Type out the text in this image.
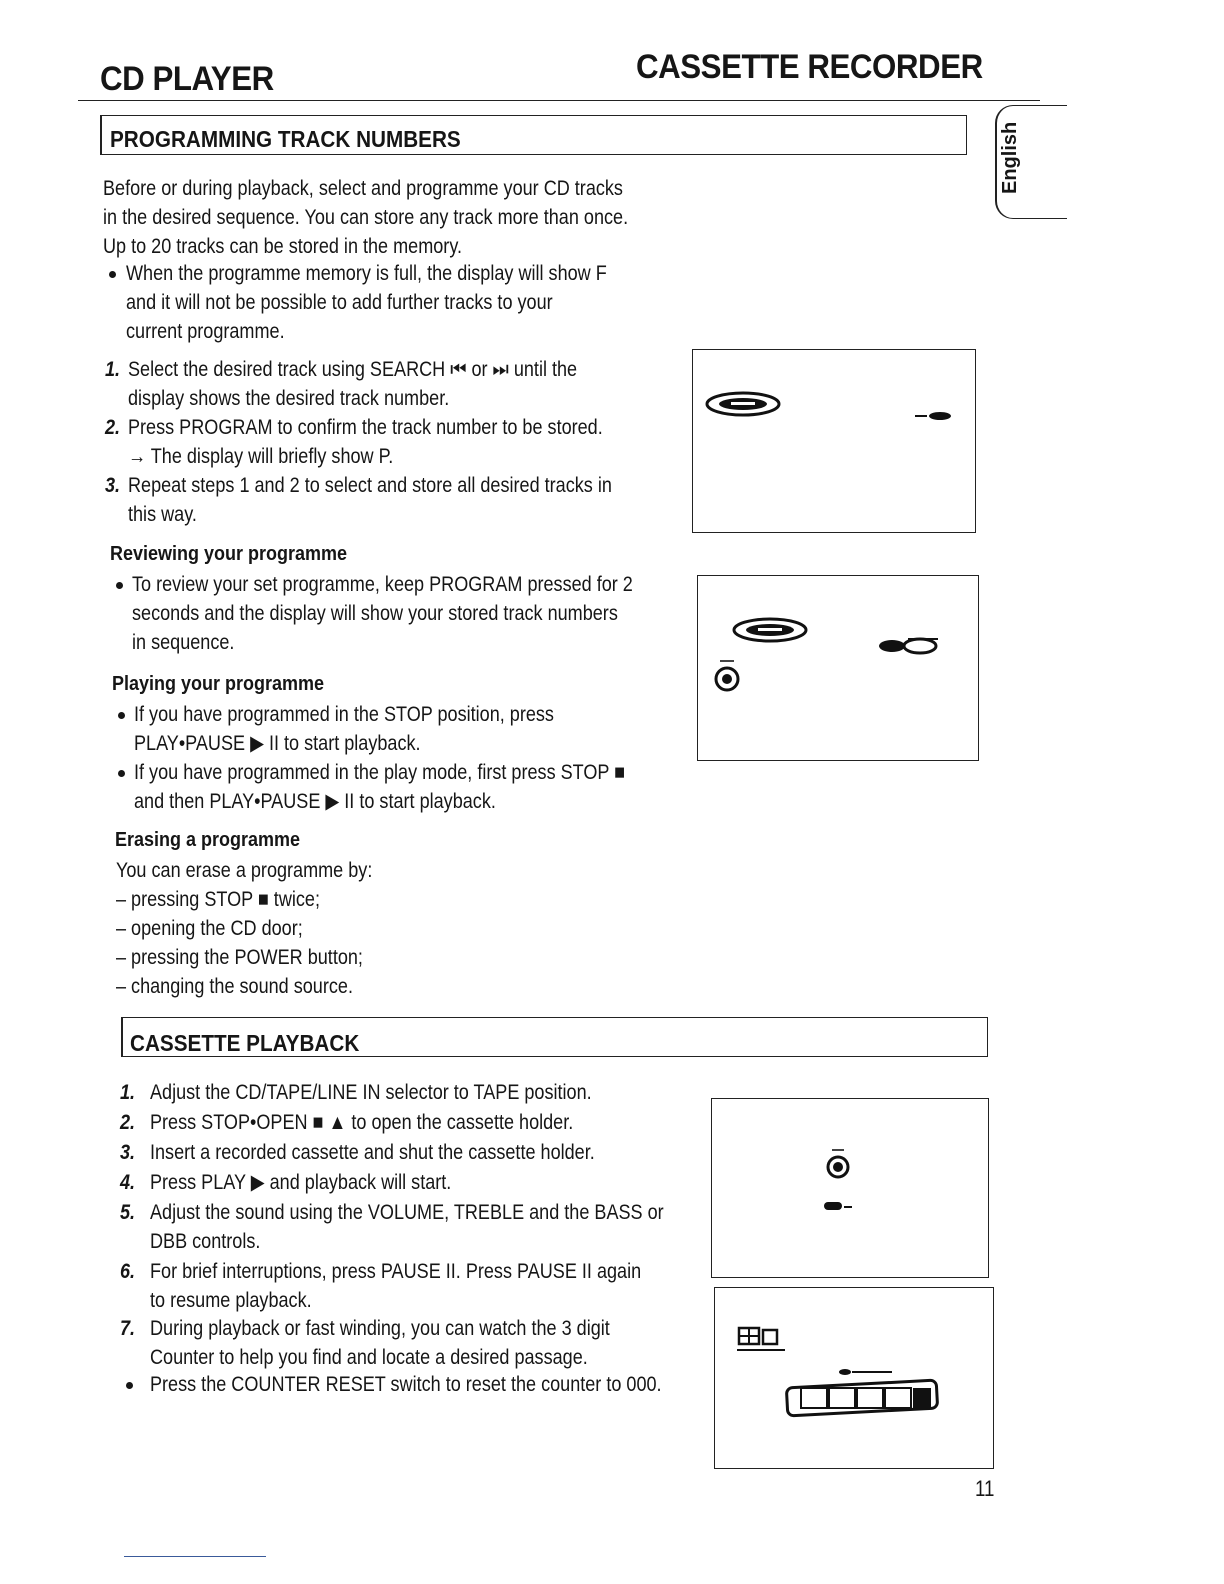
CD PLAYER	CASSETTE RECORDER
English
PROGRAMMING TRACK NUMBERS
Before or during playback, select and programme your CD tracks
in the desired sequence. You can store any track more than once.
Up to 20 tracks can be stored in the memory.
When the programme memory is full, the display will show F
and it will not be possible to add further tracks to your
current programme.
1. Select the desired track using SEARCH ⏮ or ⏭ until the
display shows the desired track number.
2. Press PROGRAM to confirm the track number to be stored.
→ The display will briefly show P.
3. Repeat steps 1 and 2 to select and store all desired tracks in
this way.
Reviewing your programme
To review your set programme, keep PROGRAM pressed for 2
seconds and the display will show your stored track numbers
in sequence.
Playing your programme
If you have programmed in the STOP position, press
PLAY•PAUSE ▶ II to start playback.
If you have programmed in the play mode, first press STOP ■
and then PLAY•PAUSE ▶ II to start playback.
Erasing a programme
You can erase a programme by:
– pressing STOP ■ twice;
– opening the CD door;
– pressing the POWER button;
– changing the sound source.
CASSETTE PLAYBACK
1. Adjust the CD/TAPE/LINE IN selector to TAPE position.
2. Press STOP•OPEN ■ ▲ to open the cassette holder.
3. Insert a recorded cassette and shut the cassette holder.
4. Press PLAY ▶ and playback will start.
5. Adjust the sound using the VOLUME, TREBLE and the BASS or
DBB controls.
6. For brief interruptions, press PAUSE II. Press PAUSE II again
to resume playback.
7. During playback or fast winding, you can watch the 3 digit
Counter to help you find and locate a desired passage.
Press the COUNTER RESET switch to reset the counter to 000.
11
